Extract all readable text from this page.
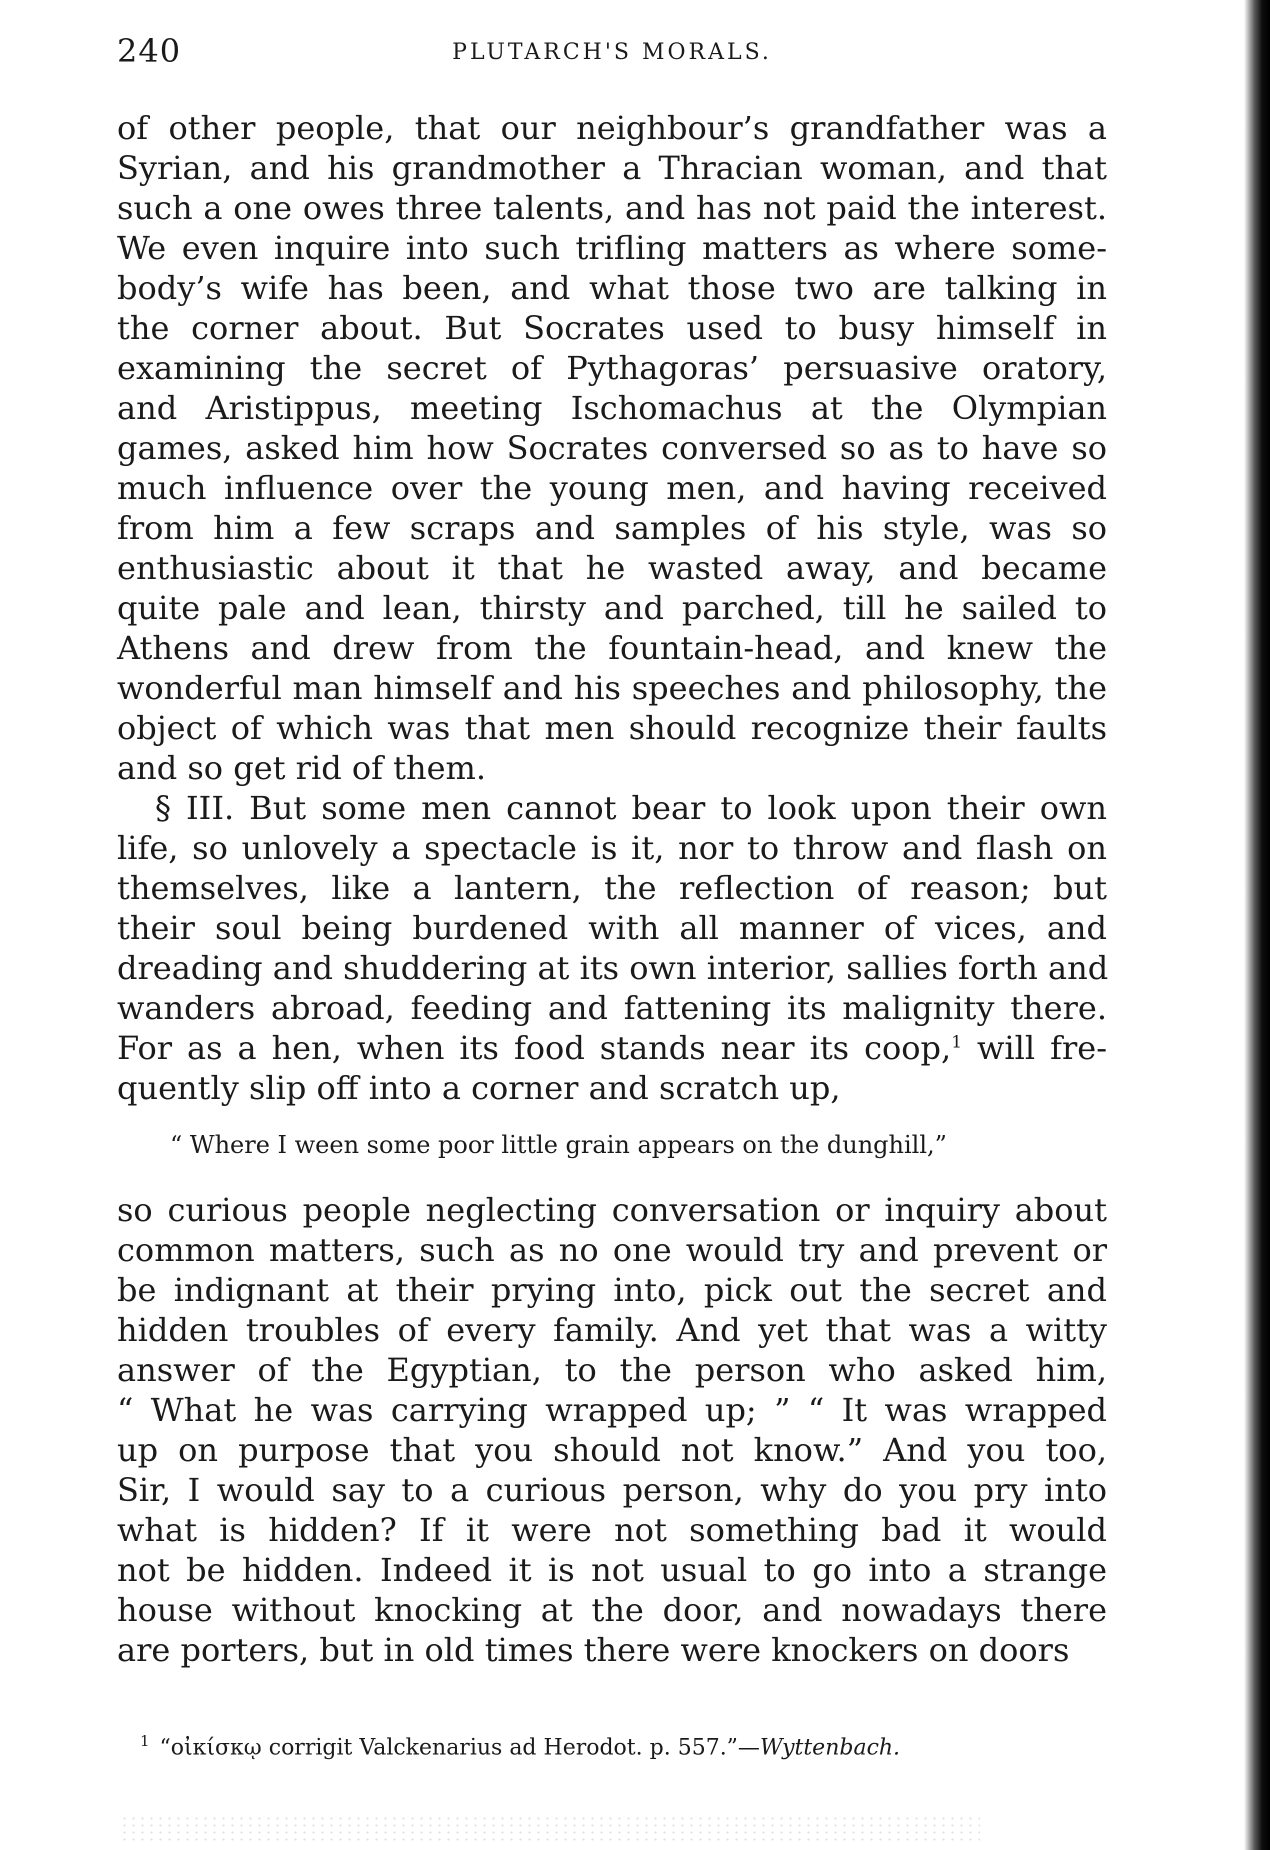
240	PLUTARCH'S MORALS.
of other people, that our neighbour’s grandfather was a
Syrian, and his grandmother a Thracian woman, and that
such a one owes three talents, and has not paid the interest.
We even inquire into such trifling matters as where some-
body’s wife has been, and what those two are talking in
the corner about. But Socrates used to busy himself in
examining the secret of Pythagoras’ persuasive oratory,
and Aristippus, meeting Ischomachus at the Olympian
games, asked him how Socrates conversed so as to have so
much influence over the young men, and having received
from him a few scraps and samples of his style, was so
enthusiastic about it that he wasted away, and became
quite pale and lean, thirsty and parched, till he sailed to
Athens and drew from the fountain-head, and knew the
wonderful man himself and his speeches and philosophy, the
object of which was that men should recognize their faults
and so get rid of them.
§ III. But some men cannot bear to look upon their own
life, so unlovely a spectacle is it, nor to throw and flash on
themselves, like a lantern, the reflection of reason; but
their soul being burdened with all manner of vices, and
dreading and shuddering at its own interior, sallies forth and
wanders abroad, feeding and fattening its malignity there.
For as a hen, when its food stands near its coop,$^1$ will fre-
quently slip off into a corner and scratch up,
“ Where I ween some poor little grain appears on the dunghill,”
so curious people neglecting conversation or inquiry about
common matters, such as no one would try and prevent or
be indignant at their prying into, pick out the secret and
hidden troubles of every family. And yet that was a witty
answer of the Egyptian, to the person who asked him,
“ What he was carrying wrapped up; ” “ It was wrapped
up on purpose that you should not know.” And you too,
Sir, I would say to a curious person, why do you pry into
what is hidden? If it were not something bad it would
not be hidden. Indeed it is not usual to go into a strange
house without knocking at the door, and nowadays there
are porters, but in old times there were knockers on doors
$^1$ “οἰκίσκῳ corrigit Valckenarius ad Herodot. p. 557.”—Wyttenbach.
